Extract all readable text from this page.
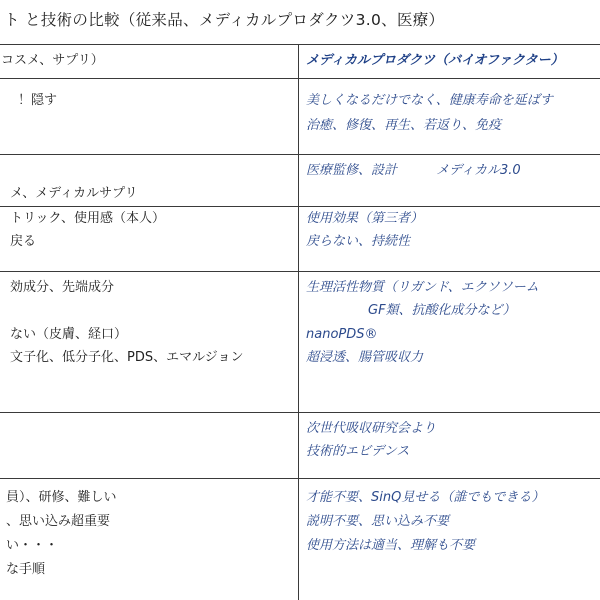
ト と技術の比較（従来品、メディカルプロダクツ3.0、医療）
コスメ、サプリ）	メディカルプロダクツ（バイオファクター）
！隠す	美しくなるだけでなく、健康寿命を延ばす
治癒、修復、再生、若返り、免疫
メ、メディカルサプリ
医療監修、設計　　　メディカル3.0
トリック、使用感（本人）
戻る
使用効果（第三者）
戻らない、持続性
効成分、先端成分
ない（皮膚、経口）
文子化、低分子化、PDS、エマルジョン
生理活性物質（リガンド、エクソソーム
GF類、抗酸化成分など）
nanoPDS®
超浸透、腸管吸収力
次世代吸収研究会より
技術的エビデンス
員）、研修、難しい
、思い込み超重要
い・・・
な手順
才能不要、SinQ見せる（誰でもできる）
説明不要、思い込み不要
使用方法は適当、理解も不要
